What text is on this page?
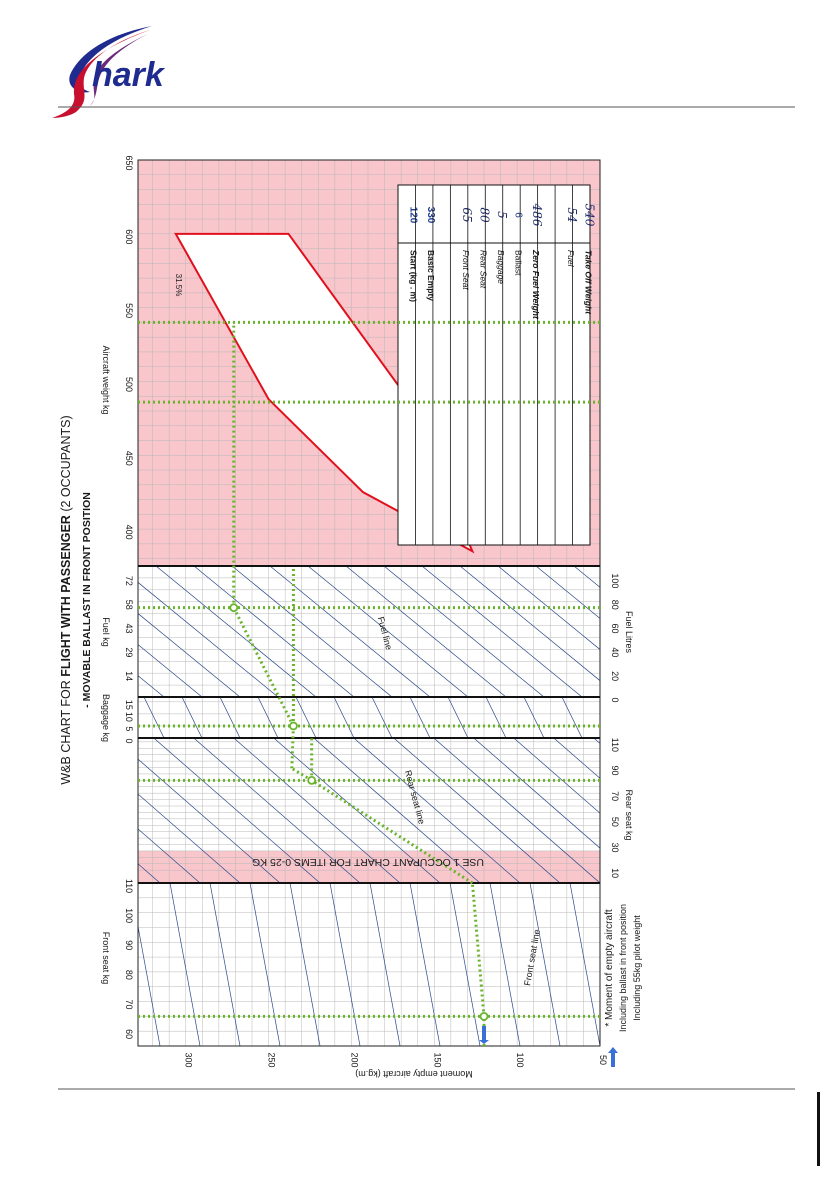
hark
31.5%	Start (kg . m)
120
Basic Empty
330
Front Seat
65
Rear Seat
80
Baggage
5
Ballast
6
Zero Fuel Weight
486
Fuel
54
Take Off Weight
540
50
100
150
200
250
300
Moment empty aircraft (kg.m)
60
70
80
90
100
110
Front seat kg
0
5
10
15
Baggage kg
14
29
43
58
72
Fuel kg
400
450
500
550
600
650
Aircraft weight kg
10
30
50
70
90
110
Rear seat kg
0
20
40
60
80
100
Fuel Litres
Front seat line
Rear seat line
Fuel line
USE 1 OCCUPANT CHART FOR ITEMS 0-25 KG
W&B CHART FOR FLIGHT WITH PASSENGER (2 OCCUPANTS)
- MOVABLE BALLAST IN FRONT POSITION
* Moment of empty aircraft Including ballast in front position Including 55kg pilot weight
